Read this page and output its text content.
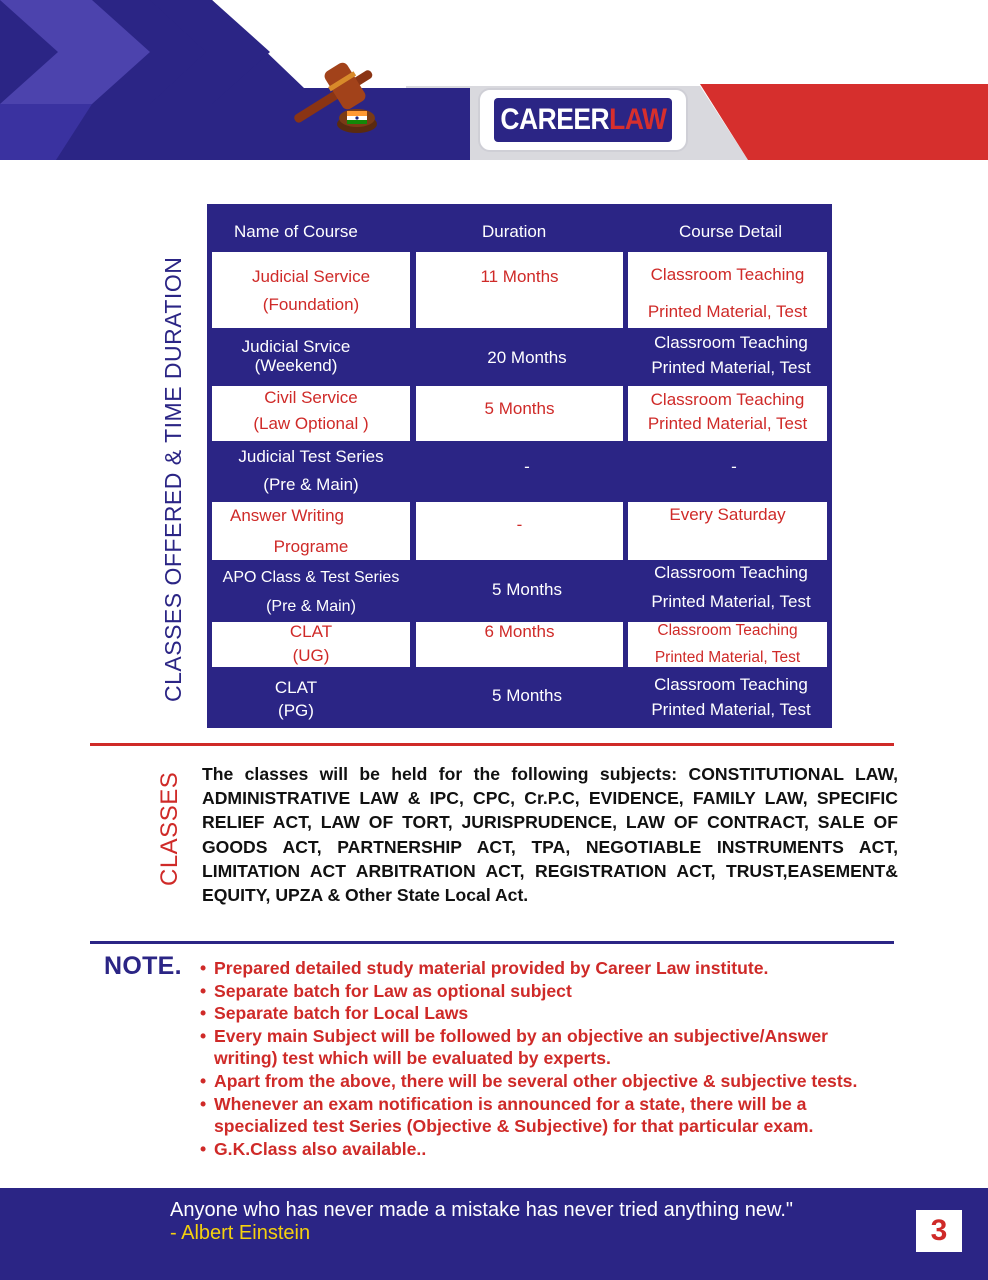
CAREERLAW
CLASSES OFFERED & TIME DURATION
CLASSES
Name of Course	Duration	Course Detail
Judicial Service
(Foundation)
11 Months	Classroom Teaching
Printed Material, Test
Judicial Srvice
(Weekend)	20 Months
Classroom Teaching
Printed Material, Test
Civil Service
(Law Optional )
5 Months	Classroom Teaching
Printed Material, Test
Judicial Test Series
(Pre & Main)
-	-
Answer Writing
Programe
-
Every Saturday
APO Class & Test Series
(Pre & Main)
5 Months
Classroom Teaching
Printed Material, Test
CLAT
(UG)
6 Months	Classroom Teaching
Printed Material, Test
CLAT
(PG)
5 Months
Classroom Teaching
Printed Material, Test

The classes will be held for the following subjects: CONSTITUTIONAL LAW, ADMINISTRATIVE LAW & IPC, CPC, Cr.P.C, EVIDENCE, FAMILY LAW, SPECIFIC RELIEF ACT, LAW OF TORT, JURISPRUDENCE, LAW OF CONTRACT, SALE OF GOODS ACT, PARTNERSHIP ACT, TPA, NEGOTIABLE INSTRUMENTS ACT, LIMITATION ACT ARBITRATION ACT, REGISTRATION ACT, TRUST,EASEMENT& EQUITY, UPZA & Other State Local Act.

NOTE.
•	Prepared detailed study material provided by Career Law institute.
• Separate batch for Law as optional subject
• Separate batch for Local Laws
• Every main Subject will be followed by an objective an subjective/Answer writing) test which will be evaluated by experts.
• Apart from the above, there will be several other objective & subjective tests.
• Whenever an exam notification is announced for a state, there will be a specialized test Series (Objective & Subjective) for that particular exam.
• G.K.Class also available..
Anyone who has never made a mistake has never tried anything new."
- Albert Einstein	3
